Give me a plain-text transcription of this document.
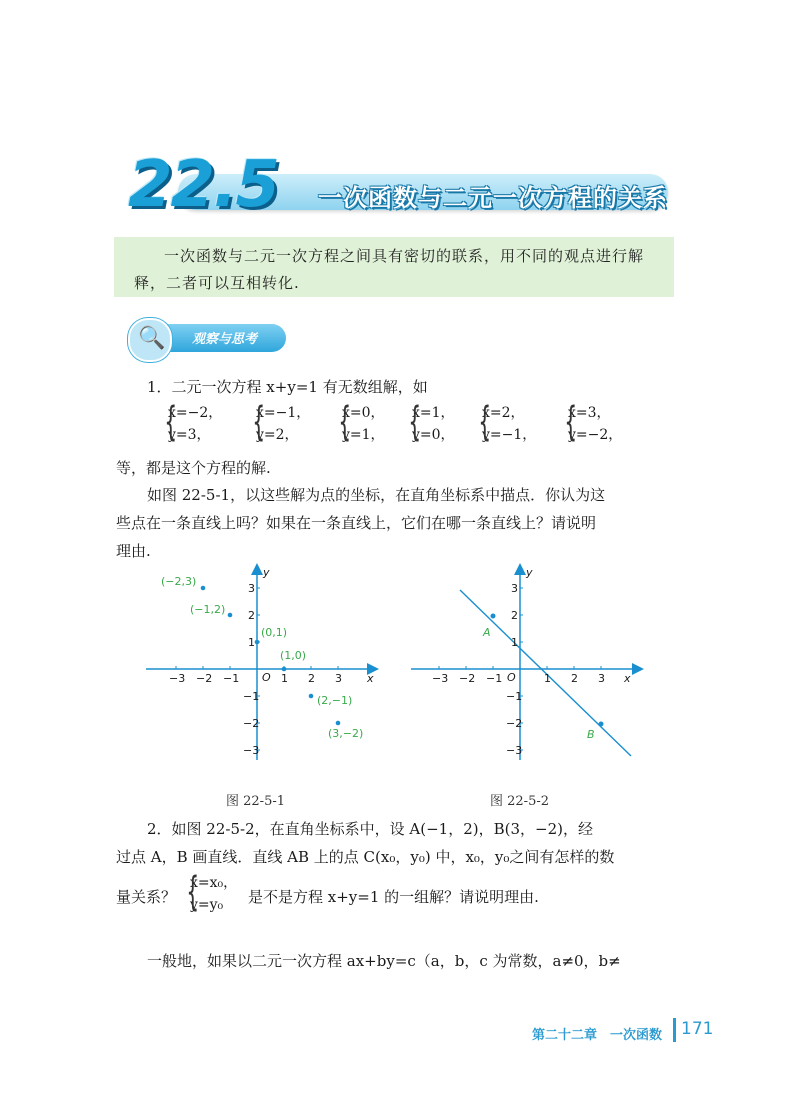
22.5 一次函数与二元一次方程的关系
一次函数与二元一次方程之间具有密切的联系，用不同的观点进行解释，二者可以互相转化.
🔍 观察与思考
1．二元一次方程 x+y=1 有无数组解，如
{
x=−2，
y=3， {
x=−1，
y=2， {
x=0，
y=1， {
x=1，
y=0， {
x=2，
y=−1， {
x=3，
y=−2，
等，都是这个方程的解.
如图 22-5-1，以这些解为点的坐标，在直角坐标系中描点．你认为这
些点在一条直线上吗？如果在一条直线上，它们在哪一条直线上？请说明
理由.
−3 −2 −1	1 2 3
3
2
1
−1
−2
−3
(−2,3)
(−1,2)
(0,1)
(1,0)
(2,−1)
(3,−2)
O	x
y
图 22-5-1
−3 −2 −1	1 2 3
3
2
1
−1
−2
−3
A
B
O	x
y
图 22-5-2
2．如图 22-5-2，在直角坐标系中，设 A(−1，2)，B(3，−2)，经
过点 A，B 画直线．直线 AB 上的点 C(x₀，y₀) 中，x₀，y₀之间有怎样的数
量关系？ {
x=x₀，
y=y₀	是不是方程 x+y=1 的一组解？请说明理由.
一般地，如果以二元一次方程 ax+by=c（a，b，c 为常数，a≠0，b≠
第二十二章　一次函数 171
